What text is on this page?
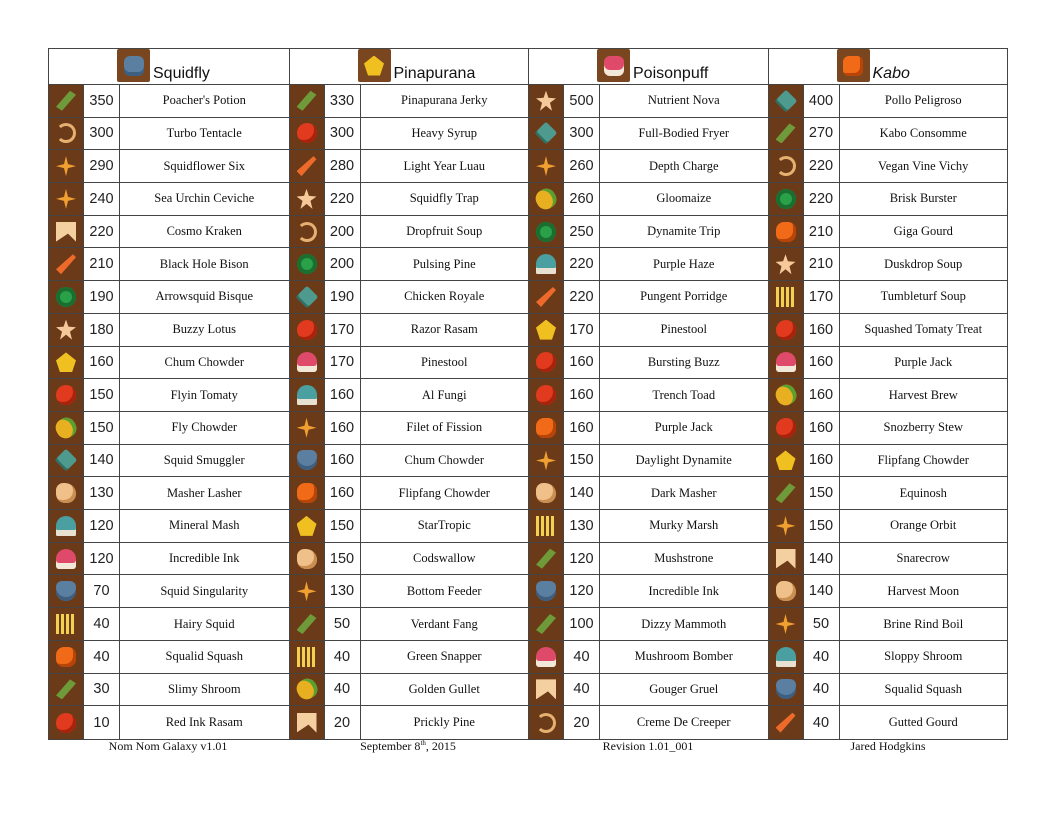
Squidfly
350	Poacher's Potion
300	Turbo Tentacle
290	Squidflower Six
240	Sea Urchin Ceviche
220	Cosmo Kraken
210	Black Hole Bison
190	Arrowsquid Bisque
180	Buzzy Lotus
160	Chum Chowder
150	Flyin Tomaty
150	Fly Chowder
140	Squid Smuggler
130	Masher Lasher
120	Mineral Mash
120	Incredible Ink
70	Squid Singularity
40	Hairy Squid
40	Squalid Squash
30	Slimy Shroom
10	Red Ink Rasam
Pinapurana
330	Pinapurana Jerky
300	Heavy Syrup
280	Light Year Luau
220	Squidfly Trap
200	Dropfruit Soup
200	Pulsing Pine
190	Chicken Royale
170	Razor Rasam
170	Pinestool
160	Al Fungi
160	Filet of Fission
160	Chum Chowder
160	Flipfang Chowder
150	StarTropic
150	Codswallow
130	Bottom Feeder
50	Verdant Fang
40	Green Snapper
40	Golden Gullet
20	Prickly Pine
Poisonpuff
500	Nutrient Nova
300	Full-Bodied Fryer
260	Depth Charge
260	Gloomaize
250	Dynamite Trip
220	Purple Haze
220	Pungent Porridge
170	Pinestool
160	Bursting Buzz
160	Trench Toad
160	Purple Jack
150	Daylight Dynamite
140	Dark Masher
130	Murky Marsh
120	Mushstrone
120	Incredible Ink
100	Dizzy Mammoth
40	Mushroom Bomber
40	Gouger Gruel
20	Creme De Creeper
Kabo
400	Pollo Peligroso
270	Kabo Consomme
220	Vegan Vine Vichy
220	Brisk Burster
210	Giga Gourd
210	Duskdrop Soup
170	Tumbleturf Soup
160	Squashed Tomaty Treat
160	Purple Jack
160	Harvest Brew
160	Snozberry Stew
160	Flipfang Chowder
150	Equinosh
150	Orange Orbit
140	Snarecrow
140	Harvest Moon
50	Brine Rind Boil
40	Sloppy Shroom
40	Squalid Squash
40	Gutted Gourd
Nom Nom Galaxy v1.01	September 8th, 2015	Revision 1.01_001	Jared Hodgkins
